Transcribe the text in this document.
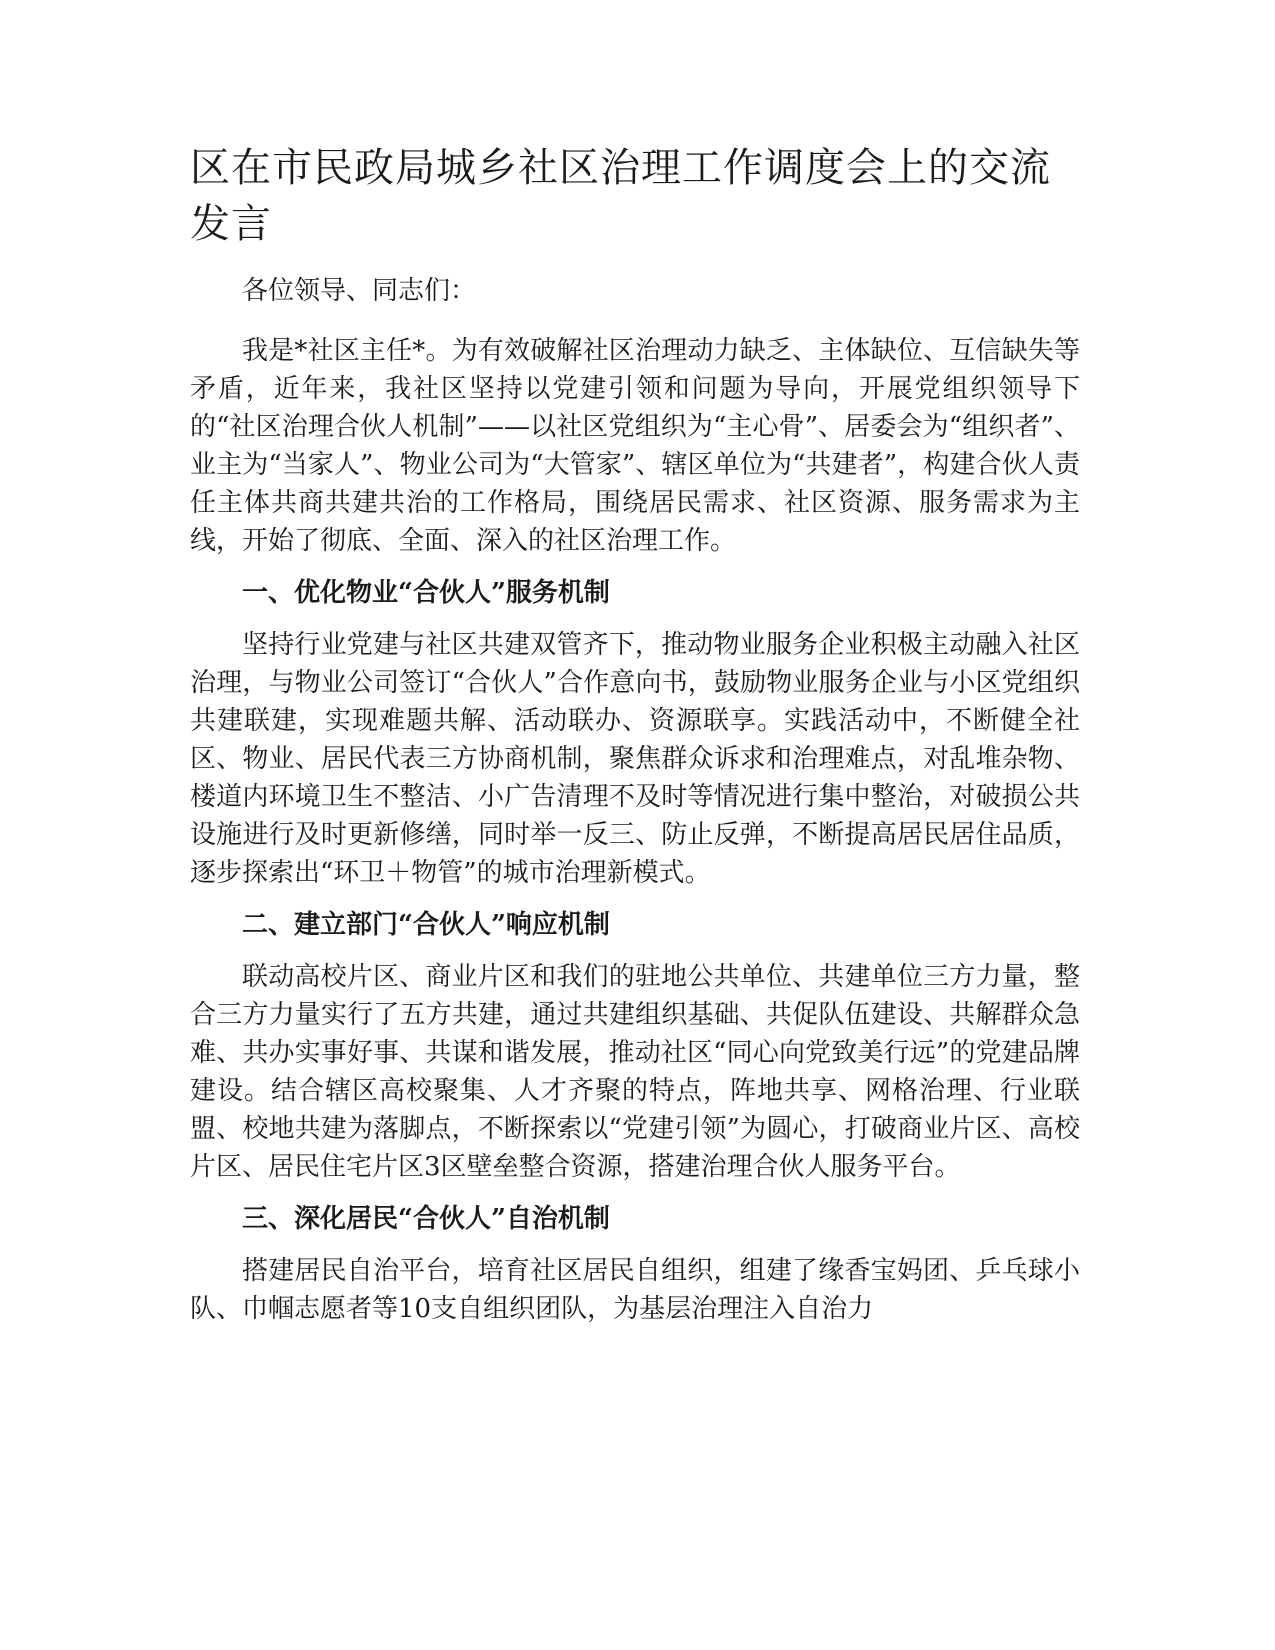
区在市民政局城乡社区治理工作调度会上的交流发言

各位领导、同志们：

我是*社区主任*。为有效破解社区治理动力缺乏、主体缺位、互信缺失等矛盾，近年来，我社区坚持以党建引领和问题为导向，开展党组织领导下的“社区治理合伙人机制”——以社区党组织为“主心骨”、居委会为“组织者”、业主为“当家人”、物业公司为“大管家”、辖区单位为“共建者”，构建合伙人责任主体共商共建共治的工作格局，围绕居民需求、社区资源、服务需求为主线，开始了彻底、全面、深入的社区治理工作。

一、优化物业“合伙人”服务机制

坚持行业党建与社区共建双管齐下，推动物业服务企业积极主动融入社区治理，与物业公司签订“合伙人”合作意向书，鼓励物业服务企业与小区党组织共建联建，实现难题共解、活动联办、资源联享。实践活动中，不断健全社区、物业、居民代表三方协商机制，聚焦群众诉求和治理难点，对乱堆杂物、楼道内环境卫生不整洁、小广告清理不及时等情况进行集中整治，对破损公共设施进行及时更新修缮，同时举一反三、防止反弹，不断提高居民居住品质，逐步探索出“环卫＋物管”的城市治理新模式。

二、建立部门“合伙人”响应机制

联动高校片区、商业片区和我们的驻地公共单位、共建单位三方力量，整合三方力量实行了五方共建，通过共建组织基础、共促队伍建设、共解群众急难、共办实事好事、共谋和谐发展，推动社区“同心向党致美行远”的党建品牌建设。结合辖区高校聚集、人才齐聚的特点，阵地共享、网格治理、行业联盟、校地共建为落脚点，不断探索以“党建引领”为圆心，打破商业片区、高校片区、居民住宅片区3区壁垒整合资源，搭建治理合伙人服务平台。

三、深化居民“合伙人”自治机制

搭建居民自治平台，培育社区居民自组织，组建了缘香宝妈团、乒乓球小队、巾帼志愿者等10支自组织团队，为基层治理注入自治力
